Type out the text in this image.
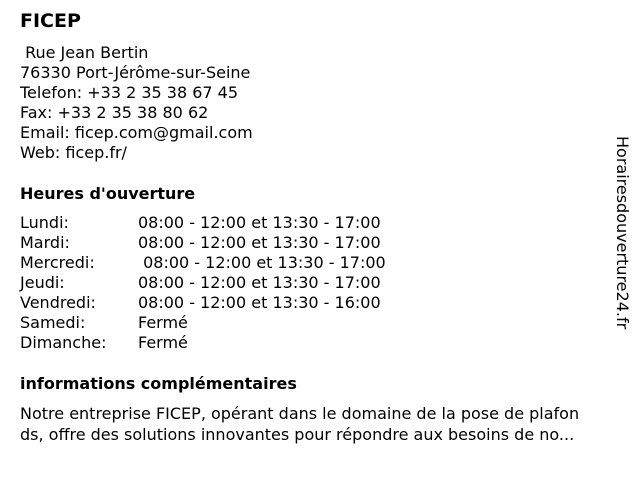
FICEP
Rue Jean Bertin
76330 Port-Jérôme-sur-Seine
Telefon: +33 2 35 38 67 45
Fax: +33 2 35 38 80 62
Email: ficep.com@gmail.com
Web: ficep.fr/
Heures d'ouverture
Lundi:	08:00 - 12:00 et 13:30 - 17:00
Mardi:	08:00 - 12:00 et 13:30 - 17:00
Mercredi:	08:00 - 12:00 et 13:30 - 17:00
Jeudi:	08:00 - 12:00 et 13:30 - 17:00
Vendredi:	08:00 - 12:00 et 13:30 - 16:00
Samedi:	Fermé
Dimanche:	Fermé
informations complémentaires
Notre entreprise FICEP, opérant dans le domaine de la pose de plafon
ds, offre des solutions innovantes pour répondre aux besoins de no...
Horairesdouverture24.fr
